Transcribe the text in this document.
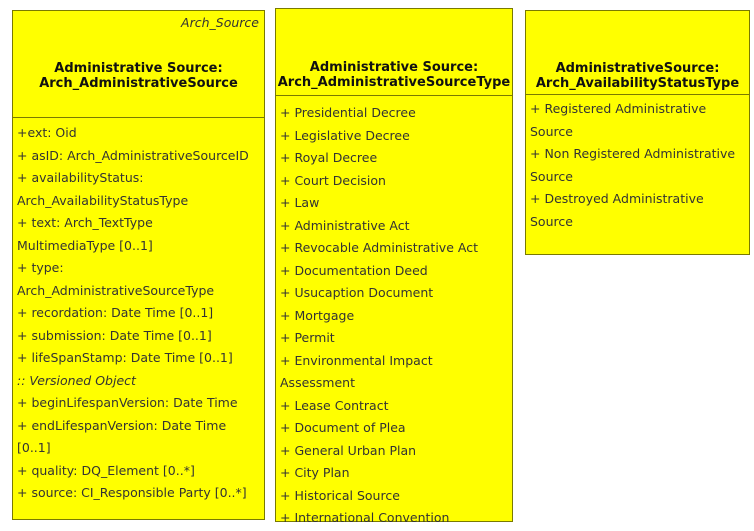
Arch_Source
Administrative Source:
Arch_AdministrativeSource
+ext: Oid
+ asID: Arch_AdministrativeSourceID
+ availabilityStatus:
Arch_AvailabilityStatusType
+ text: Arch_TextType
MultimediaType [0..1]
+ type:
Arch_AdministrativeSourceType
+ recordation: Date Time [0..1]
+ submission: Date Time [0..1]
+ lifeSpanStamp: Date Time [0..1]
:: Versioned Object
+ beginLifespanVersion: Date Time
+ endLifespanVersion: Date Time
[0..1]
+ quality: DQ_Element [0..*]
+ source: CI_Responsible Party [0..*]
Administrative Source:
Arch_AdministrativeSourceType
+ Presidential Decree
+ Legislative Decree
+ Royal Decree
+ Court Decision
+ Law
+ Administrative Act
+ Revocable Administrative Act
+ Documentation Deed
+ Usucaption Document
+ Mortgage
+ Permit
+ Environmental Impact
Assessment
+ Lease Contract
+ Document of Plea
+ General Urban Plan
+ City Plan
+ Historical Source
+ International Convention
AdministrativeSource:
Arch_AvailabilityStatusType
+ Registered Administrative
Source
+ Non Registered Administrative
Source
+ Destroyed Administrative
Source
